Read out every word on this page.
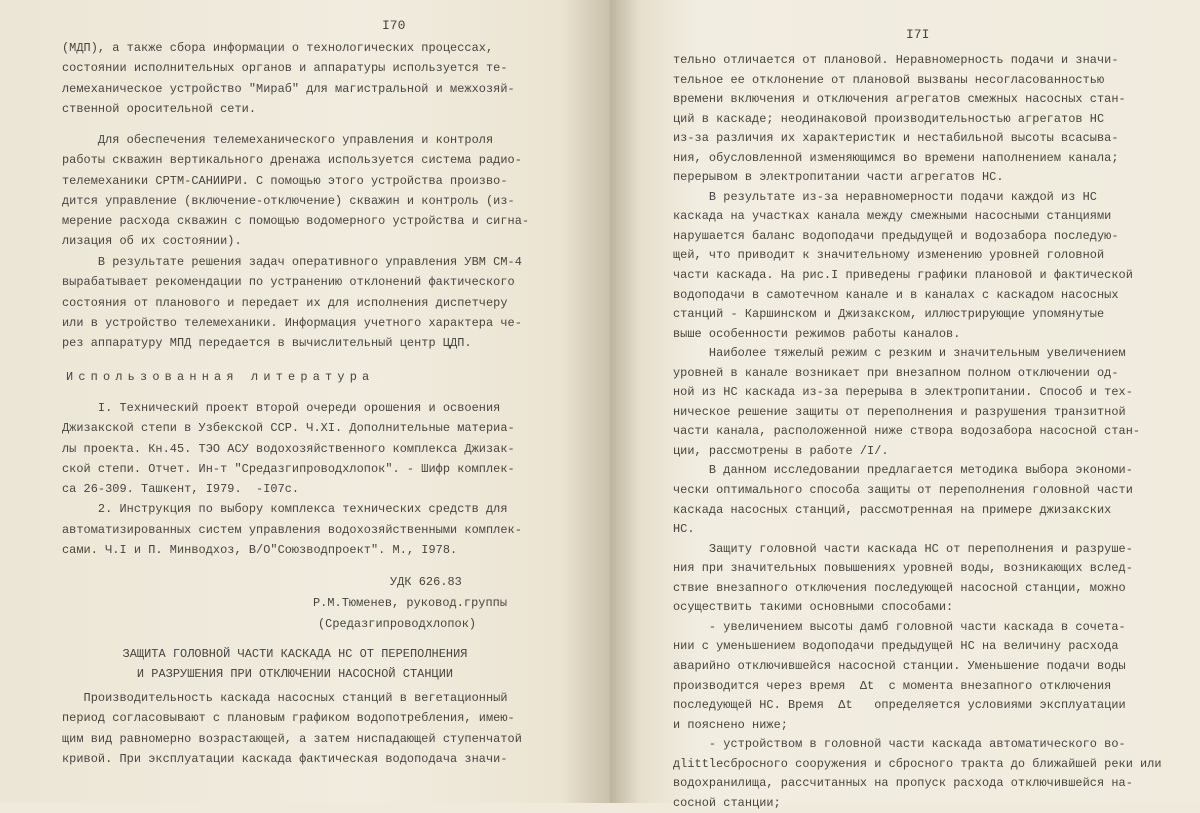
I70
(МДП), а также сбора информации о технологических процессах,
состоянии исполнительных органов и аппаратуры используется те-
лемеханическое устройство "Мираб" для магистральной и межхозяй-
ственной оросительной сети.
Для обеспечения телемеханического управления и контроля
работы скважин вертикального дренажа используется система радио-
телемеханики СРТМ-САНИИРИ. С помощью этого устройства произво-
дится управление (включение-отключение) скважин и контроль (из-
мерение расхода скважин с помощью водомерного устройства и сигна-
лизация об их состоянии).
В результате решения задач оперативного управления УВМ СМ-4
вырабатывает рекомендации по устранению отклонений фактического
состояния от планового и передает их для исполнения диспетчеру
или в устройство телемеханики. Информация учетного характера че-
рез аппаратуру МПД передается в вычислительный центр ЦДП.
Использованная литература
I. Технический проект второй очереди орошения и освоения
Джизакской степи в Узбекской ССР. Ч.XI. Дополнительные материа-
лы проекта. Кн.45. ТЭО АСУ водохозяйственного комплекса Джизак-
ской степи. Отчет. Ин-т "Средазгипроводхлопок". - Шифр комплек-
са 26-309. Ташкент, I979.  -I07с.
2. Инструкция по выбору комплекса технических средств для
автоматизированных систем управления водохозяйственными комплек-
сами. Ч.I и П. Минводхоз, В/О"Союзводпроект". М., I978.
УДК 626.83
Р.М.Тюменев, руковод.группы
(Средазгипроводхлопок)
ЗАЩИТА ГОЛОВНОЙ ЧАСТИ КАСКАДА НС ОТ ПЕРЕПОЛНЕНИЯ
И РАЗРУШЕНИЯ ПРИ ОТКЛЮЧЕНИИ НАСОСНОЙ СТАНЦИИ
Производительность каскада насосных станций в вегетационный
период согласовывают с плановым графиком водопотребления, имею-
щим вид равномерно возрастающей, а затем ниспадающей ступенчатой
кривой. При эксплуатации каскада фактическая водоподача значи-
I7I
тельно отличается от плановой. Неравномерность подачи и значи-
тельное ее отклонение от плановой вызваны несогласованностью
времени включения и отключения агрегатов смежных насосных стан-
ций в каскаде; неодинаковой производительностью агрегатов НС
из-за различия их характеристик и нестабильной высоты всасыва-
ния, обусловленной изменяющимся во времени наполнением канала;
перерывом в электропитании части агрегатов НС.
В результате из-за неравномерности подачи каждой из НС
каскада на участках канала между смежными насосными станциями
нарушается баланс водоподачи предыдущей и водозабора последую-
щей, что приводит к значительному изменению уровней головной
части каскада. На рис.I приведены графики плановой и фактической
водоподачи в самотечном канале и в каналах с каскадом насосных
станций - Каршинском и Джизакском, иллюстрирующие упомянутые
выше особенности режимов работы каналов.
Наиболее тяжелый режим с резким и значительным увеличением
уровней в канале возникает при внезапном полном отключении од-
ной из НС каскада из-за перерыва в электропитании. Способ и тех-
ническое решение защиты от переполнения и разрушения транзитной
части канала, расположенной ниже створа водозабора насосной стан-
ции, рассмотрены в работе /I/.
В данном исследовании предлагается методика выбора экономи-
чески оптимального способа защиты от переполнения головной части
каскада насосных станций, рассмотренная на примере джизакских
НС.
Защиту головной части каскада НС от переполнения и разруше-
ния при значительных повышениях уровней воды, возникающих вслед-
ствие внезапного отключения последующей насосной станции, можно
осуществить такими основными способами:
- увеличением высоты дамб головной части каскада в сочета-
нии с уменьшением водоподачи предыдущей НС на величину расхода
аварийно отключившейся насосной станции. Уменьшение подачи воды
производится через время  Δt  с момента внезапного отключения
последующей НС. Время  Δt   определяется условиями эксплуатации
и пояснено ниже;
- устройством в головной части каскада автоматического во-
дlittleсбросного сооружения и сбросного тракта до ближайшей реки или
водохранилища, рассчитанных на пропуск расхода отключившейся на-
сосной станции;
